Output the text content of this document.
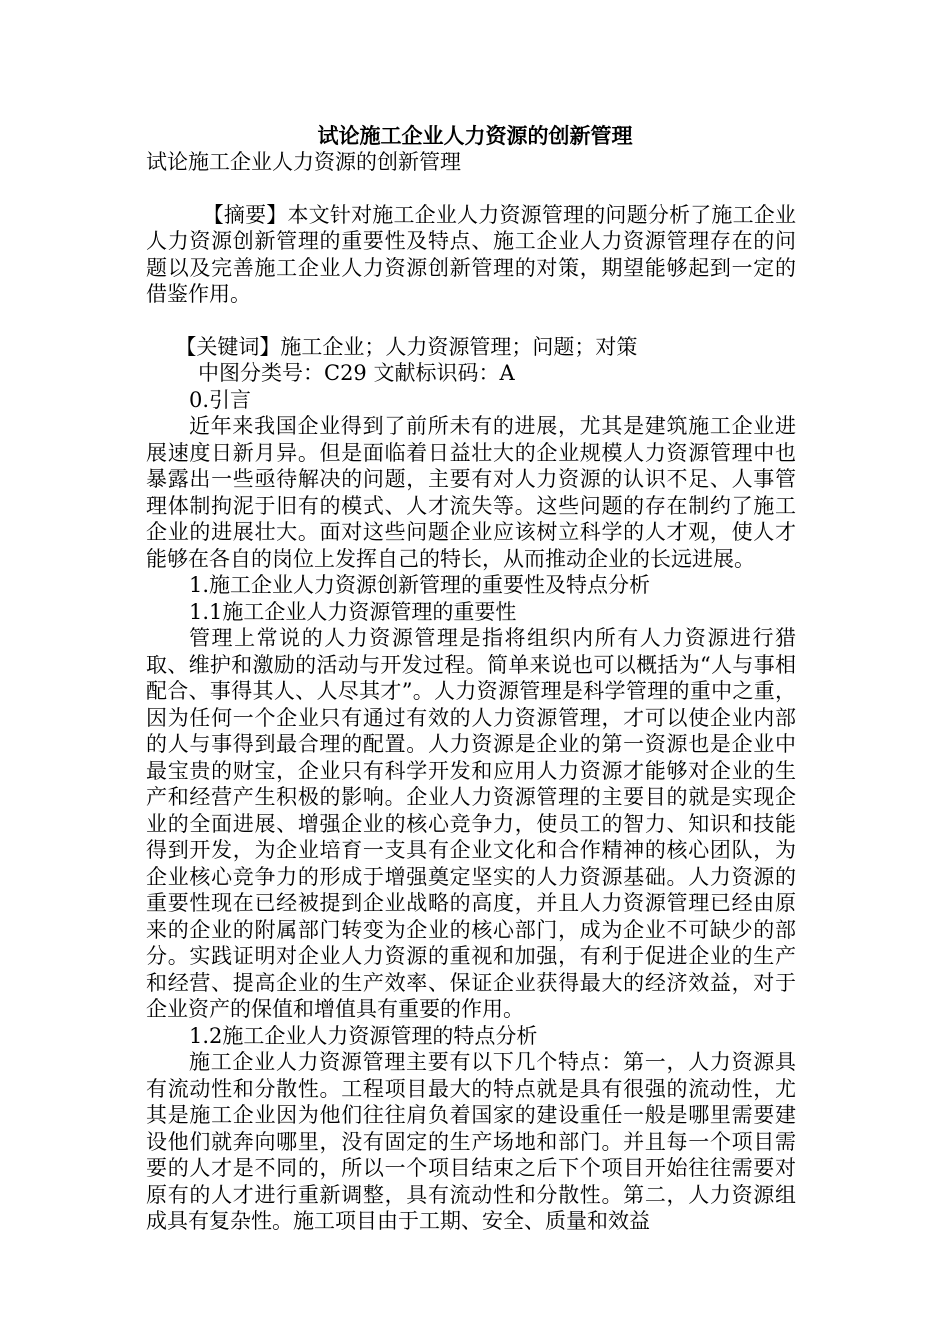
试论施工企业人力资源的创新管理

试论施工企业人力资源的创新管理

【摘要】本文针对施工企业人力资源管理的问题分析了施工企业人力资源创新管理的重要性及特点、施工企业人力资源管理存在的问题以及完善施工企业人力资源创新管理的对策，期望能够起到一定的借鉴作用。

【关键词】施工企业；人力资源管理；问题；对策

中图分类号：C29 文献标识码：A

0.引言

近年来我国企业得到了前所未有的进展，尤其是建筑施工企业进展速度日新月异。但是面临着日益壮大的企业规模人力资源管理中也暴露出一些亟待解决的问题，主要有对人力资源的认识不足、人事管理体制拘泥于旧有的模式、人才流失等。这些问题的存在制约了施工企业的进展壮大。面对这些问题企业应该树立科学的人才观，使人才能够在各自的岗位上发挥自己的特长，从而推动企业的长远进展。

1.施工企业人力资源创新管理的重要性及特点分析

1.1施工企业人力资源管理的重要性

管理上常说的人力资源管理是指将组织内所有人力资源进行猎取、维护和激励的活动与开发过程。简单来说也可以概括为“人与事相配合、事得其人、人尽其才”。人力资源管理是科学管理的重中之重，因为任何一个企业只有通过有效的人力资源管理，才可以使企业内部的人与事得到最合理的配置。人力资源是企业的第一资源也是企业中最宝贵的财宝，企业只有科学开发和应用人力资源才能够对企业的生产和经营产生积极的影响。企业人力资源管理的主要目的就是实现企业的全面进展、增强企业的核心竞争力，使员工的智力、知识和技能得到开发，为企业培育一支具有企业文化和合作精神的核心团队，为企业核心竞争力的形成于增强奠定坚实的人力资源基础。人力资源的重要性现在已经被提到企业战略的高度，并且人力资源管理已经由原来的企业的附属部门转变为企业的核心部门，成为企业不可缺少的部分。实践证明对企业人力资源的重视和加强，有利于促进企业的生产和经营、提高企业的生产效率、保证企业获得最大的经济效益，对于企业资产的保值和增值具有重要的作用。

1.2施工企业人力资源管理的特点分析

施工企业人力资源管理主要有以下几个特点：第一，人力资源具有流动性和分散性。工程项目最大的特点就是具有很强的流动性，尤其是施工企业因为他们往往肩负着国家的建设重任一般是哪里需要建设他们就奔向哪里，没有固定的生产场地和部门。并且每一个项目需要的人才是不同的，所以一个项目结束之后下个项目开始往往需要对原有的人才进行重新调整，具有流动性和分散性。第二，人力资源组成具有复杂性。施工项目由于工期、安全、质量和效益
